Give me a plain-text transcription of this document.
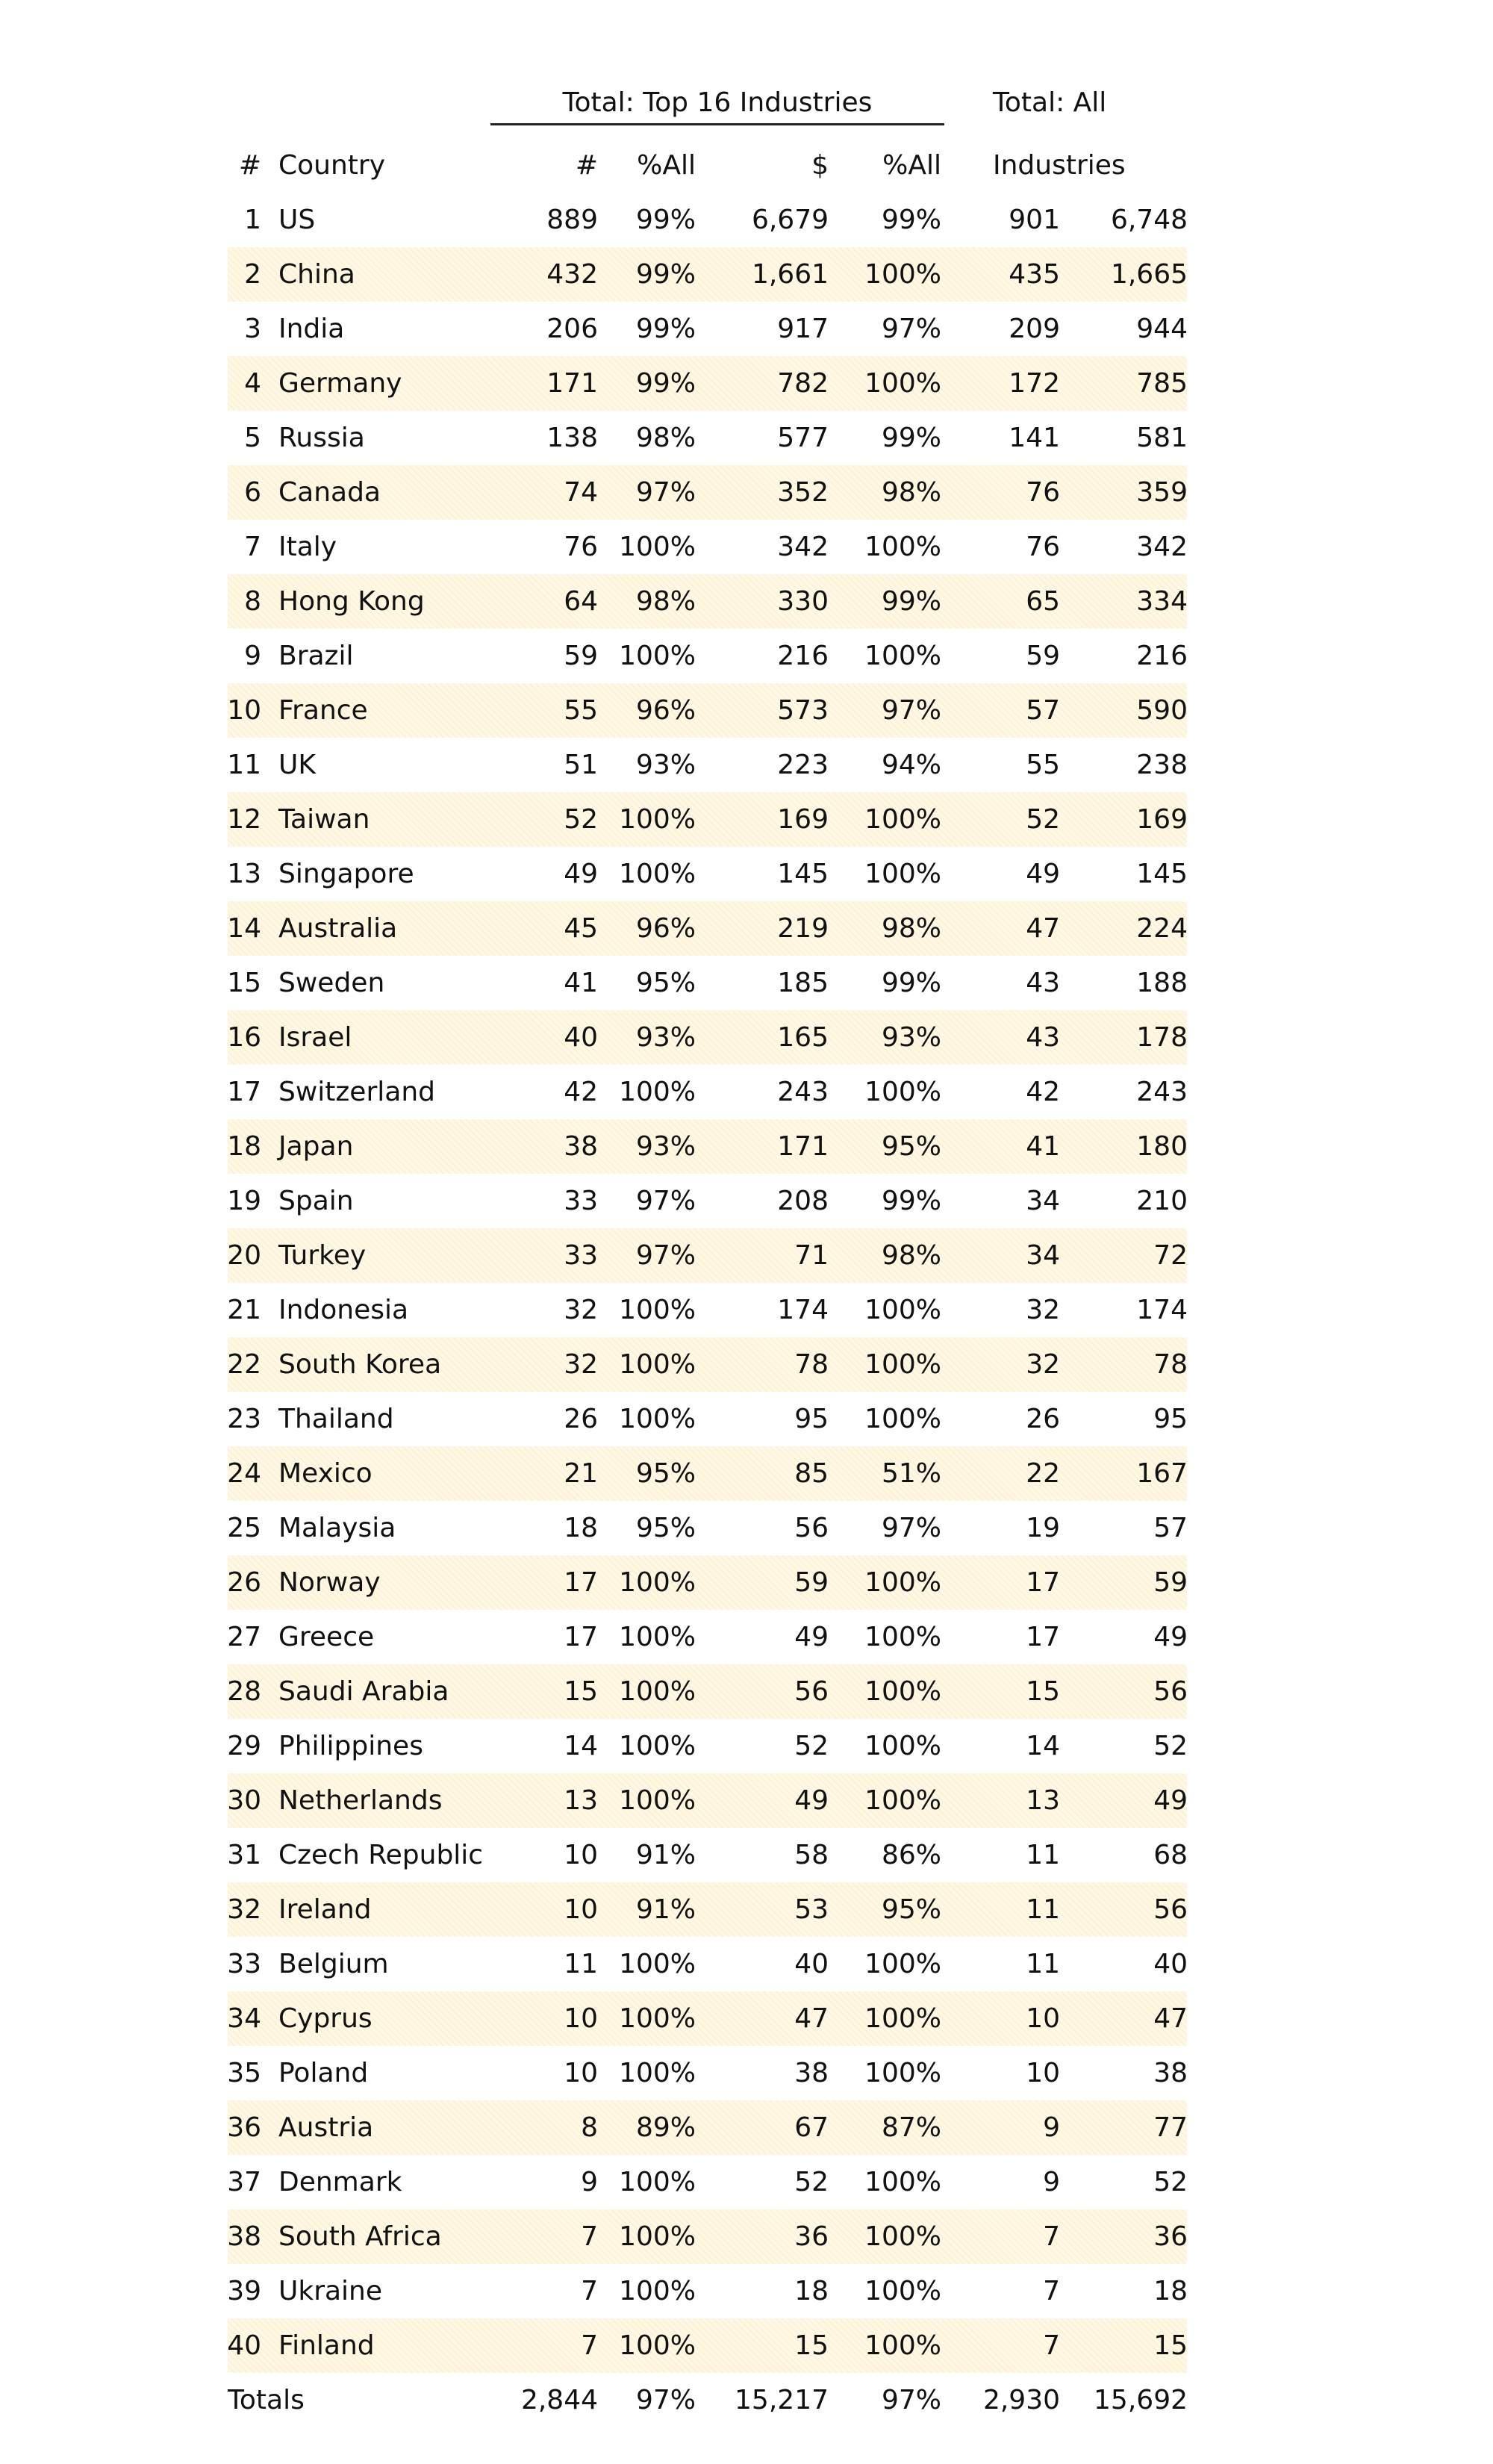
Total: Top 16 Industries	Total: All
# Country	# %All	$ %All Industries
1 US	889 99% 6,679 99%	901 6,748
2 China	432 99% 1,661 100%	435 1,665
3 India	206 99%	917 97%	209	944
4 Germany	171 99%	782 100%	172	785
5 Russia	138 98%	577 99%	141	581
6 Canada	74 97%	352 98%	76	359
7 Italy	76 100%	342 100%	76	342
8 Hong Kong	64 98%	330 99%	65	334
9 Brazil	59 100%	216 100%	59	216
10 France	55 96%	573 97%	57	590
11 UK	51 93%	223 94%	55	238
12 Taiwan	52 100%	169 100%	52	169
13 Singapore	49 100%	145 100%	49	145
14 Australia	45 96%	219 98%	47	224
15 Sweden	41 95%	185 99%	43	188
16 Israel	40 93%	165 93%	43	178
17 Switzerland	42 100%	243 100%	42	243
18 Japan	38 93%	171 95%	41	180
19 Spain	33 97%	208 99%	34	210
20 Turkey	33 97%	71 98%	34	72
21 Indonesia	32 100%	174 100%	32	174
22 South Korea	32 100%	78 100%	32	78
23 Thailand	26 100%	95 100%	26	95
24 Mexico	21 95%	85 51%	22	167
25 Malaysia	18 95%	56 97%	19	57
26 Norway	17 100%	59 100%	17	59
27 Greece	17 100%	49 100%	17	49
28 Saudi Arabia	15 100%	56 100%	15	56
29 Philippines	14 100%	52 100%	14	52
30 Netherlands	13 100%	49 100%	13	49
31 Czech Republic	10 91%	58 86%	11	68
32 Ireland	10 91%	53 95%	11	56
33 Belgium	11 100%	40 100%	11	40
34 Cyprus	10 100%	47 100%	10	47
35 Poland	10 100%	38 100%	10	38
36 Austria	8 89%	67 87%	9	77
37 Denmark	9 100%	52 100%	9	52
38 South Africa	7 100%	36 100%	7	36
39 Ukraine	7 100%	18 100%	7	18
40 Finland	7 100%	15 100%	7	15
Totals	2,844 97% 15,217 97% 2,930 15,692
